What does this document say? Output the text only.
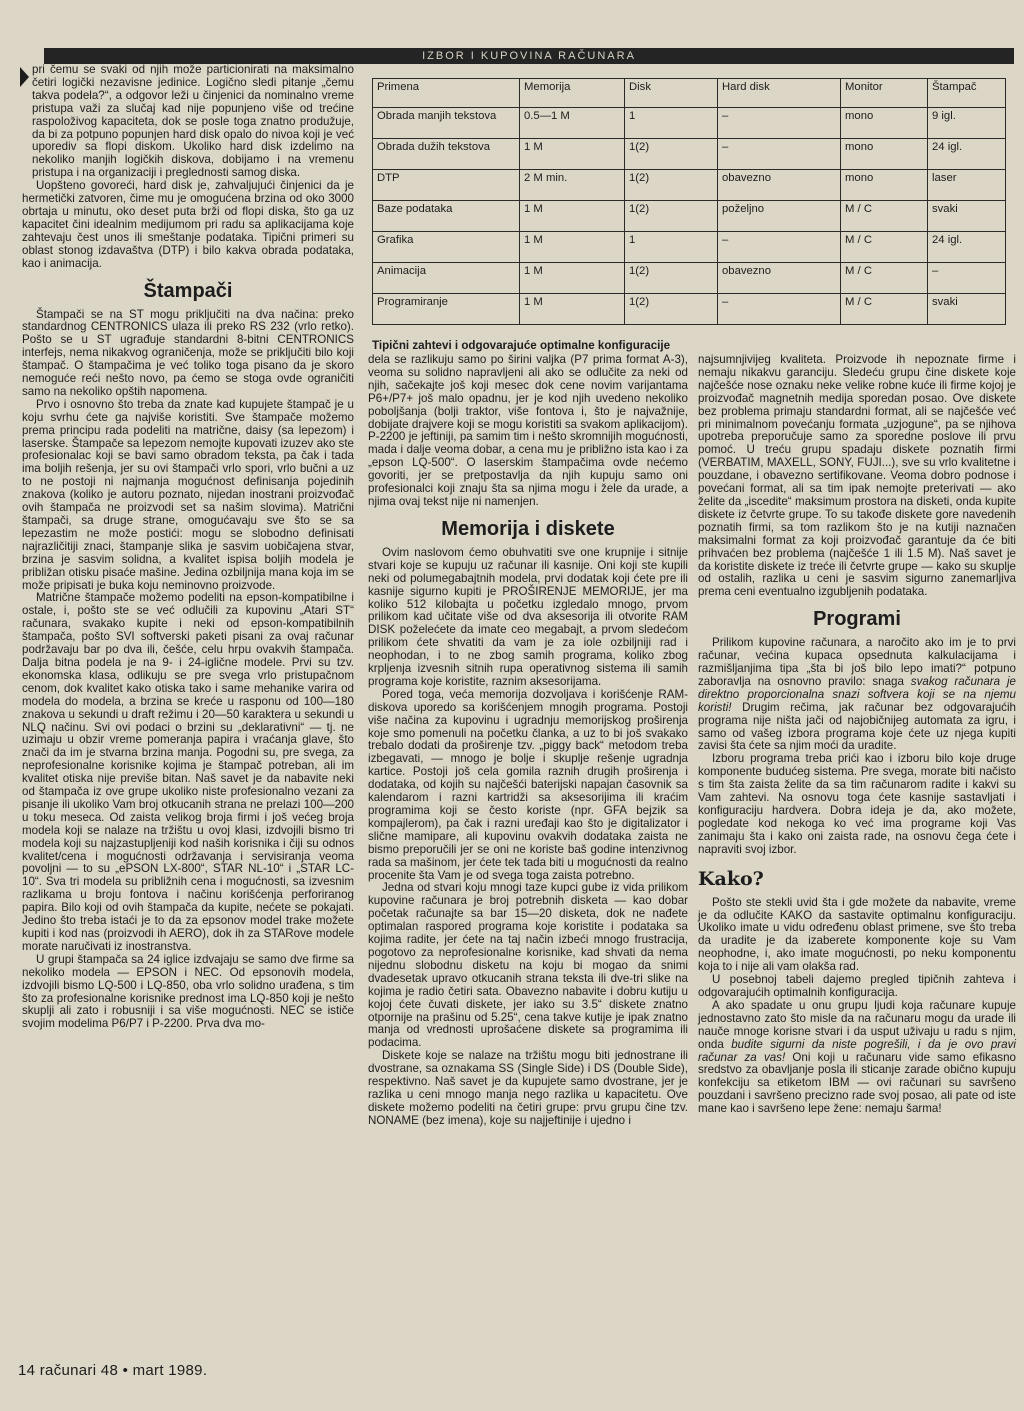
IZBOR I KUPOVINA RAČUNARA

pri čemu se svaki od njih može particionirati na maksimalno četiri logički nezavisne jedinice. Logično sledi pitanje „čemu takva podela?“, a odgovor leži u činjenici da nominalno vreme pristupa važi za slučaj kad nije popunjeno više od trećine raspoloživog kapaciteta, dok se posle toga znatno produžuje, da bi za potpuno popunjen hard disk opalo do nivoa koji je već uporediv sa flopi diskom. Ukoliko hard disk izdelimo na nekoliko manjih logičkih diskova, dobijamo i na vremenu pristupa i na organizaciji i preglednosti samog diska.

Uopšteno govoreći, hard disk je, zahvaljujući činjenici da je hermetički zatvoren, čime mu je omogućena brzina od oko 3000 obrtaja u minutu, oko deset puta brži od flopi diska, što ga uz kapacitet čini idealnim medijumom pri radu sa aplikacijama koje zahtevaju čest unos ili smeštanje podataka. Tipični primeri su oblast stonog izdavaštva (DTP) i bilo kakva obrada podataka, kao i animacija.

Štampači

Štampači se na ST mogu priključiti na dva načina: preko standardnog CENTRONICS ulaza ili preko RS 232 (vrlo retko). Pošto se u ST ugrađuje standardni 8-bitni CENTRONICS interfejs, nema nikakvog ograničenja, može se priključiti bilo koji štampač. O štampačima je već toliko toga pisano da je skoro nemoguće reći nešto novo, pa ćemo se stoga ovde ograničiti samo na nekoliko opštih napomena.

Prvo i osnovno što treba da znate kad kupujete štampač je u koju svrhu ćete ga najviše koristiti. Sve štampače možemo prema principu rada podeliti na matrične, daisy (sa lepezom) i laserske. Štampače sa lepezom nemojte kupovati izuzev ako ste profesionalac koji se bavi samo obradom teksta, pa čak i tada ima boljih rešenja, jer su ovi štampači vrlo spori, vrlo bučni a uz to ne postoji ni najmanja mogućnost definisanja pojedinih znakova (koliko je autoru poznato, nijedan inostrani proizvođač ovih štampača ne proizvodi set sa našim slovima). Matrični štampači, sa druge strane, omogućavaju sve što se sa lepezastim ne može postići: mogu se slobodno definisati najrazličitiji znaci, štampanje slika je sasvim uobičajena stvar, brzina je sasvim solidna, a kvalitet ispisa boljih modela je približan otisku pisaće mašine. Jedina ozbiljnija mana koja im se može pripisati je buka koju neminovno proizvode.

Matrične štampače možemo podeliti na epson-kompatibilne i ostale, i, pošto ste se već odlučili za kupovinu „Atari ST“ računara, svakako kupite i neki od epson-kompatibilnih štampača, pošto SVI softverski paketi pisani za ovaj računar podržavaju bar po dva ili, češće, celu hrpu ovakvih štampača. Dalja bitna podela je na 9- i 24-igličnе modele. Prvi su tzv. ekonomska klasa, odlikuju se pre svega vrlo pristupačnom cenom, dok kvalitet kako otiska tako i same mehanike varira od modela do modela, a brzina se kreće u rasponu od 100—180 znakova u sekundi u draft režimu i 20—50 karaktera u sekundi u NLQ načinu. Svi ovi podaci o brzini su „deklarativni“ — tj. ne uzimaju u obzir vreme pomeranja papira i vraćanja glave, što znači da im je stvarna brzina manja. Pogodni su, pre svega, za neprofesionalne korisnike kojima je štampač potreban, ali im kvalitet otiska nije previše bitan. Naš savet je da nabavite neki od štampača iz ove grupe ukoliko niste profesionalno vezani za pisanje ili ukoliko Vam broj otkucanih strana ne prelazi 100—200 u toku meseca. Od zaista velikog broja firmi i još većeg broja modela koji se nalaze na tržištu u ovoj klasi, izdvojili bismo tri modela koji su najzastupljeniji kod naših korisnika i čiji su odnos kvalitet/cena i mogućnosti održavanja i servisiranja veoma povoljni — to su „ePSON LX-800“, STAR NL-10“ i „STAR LC-10“. Sva tri modela su približnih cena i mogućnosti, sa izvesnim razlikama u broju fontova i načinu korišćenja perforiranog papira. Bilo koji od ovih štampača da kupite, nećete se pokajati. Jedino što treba istaći je to da za epsonov model trake možete kupiti i kod nas (proizvodi ih AERO), dok ih za STARove modele morate naručivati iz inostranstva.

U grupi štampača sa 24 iglice izdvajaju se samo dve firme sa nekoliko modela — EPSON i NEC. Od epsonovih modela, izdvojili bismo LQ-500 i LQ-850, oba vrlo solidno urađena, s tim što za profesionalne korisnike prednost ima LQ-850 koji je nešto skuplji ali zato i robusniji i sa više mogućnosti. NEC se ističe svojim modelima P6/P7 i P-2200. Prva dva mo-

Primena	Memorija	Disk	Hard disk	Monitor	Štampač
Obrada manjih tekstova	0.5—1 M	1	–	mono	9 igl.
Obrada dužih tekstova	1 M	1(2)	–	mono	24 igl.
DTP	2 M min.	1(2)	obavezno	mono	laser
Baze podataka	1 M	1(2)	poželjno	M / C	svaki
Grafika	1 M	1	–	M / C	24 igl.
Animacija	1 M	1(2)	obavezno	M / C	–
Programiranje	1 M	1(2)	–	M / C	svaki
Tipični zahtevi i odgovarajuće optimalne konfiguracije

dela se razlikuju samo po širini valjka (P7 prima format A-3), veoma su solidno napravljeni ali ako se odlučite za neki od njih, sačekajte još koji mesec dok cene novim varijantama P6+/P7+ još malo opadnu, jer je kod njih uvedeno nekoliko poboljšanja (bolji traktor, više fontova i, što je najvažnije, dobijate drajvere koji se mogu koristiti sa svakom aplikacijom). P-2200 je jeftiniji, pa samim tim i nešto skromnijih mogućnosti, mada i dalje veoma dobar, a cena mu je približno ista kao i za „epson LQ-500“. O laserskim štampačima ovde nećemo govoriti, jer se pretpostavlja da njih kupuju samo oni profesionalci koji znaju šta sa njima mogu i žele da urade, a njima ovaj tekst nije ni namenjen.

Memorija i diskete

Ovim naslovom ćemo obuhvatiti sve one krupnije i sitnije stvari koje se kupuju uz računar ili kasnije. Oni koji ste kupili neki od polumegabajtnih modela, prvi dodatak koji ćete pre ili kasnije sigurno kupiti je PROŠIRENJE MEMORIJE, jer ma koliko 512 kilobajta u početku izgledalo mnogo, prvom prilikom kad učitate više od dva aksesorija ili otvorite RAM DISK poželećete da imate ceo megabajt, a prvom sledećom prilikom ćete shvatiti da vam je za iole ozbiljniji rad i neophodan, i to ne zbog samih programa, koliko zbog krpljenja izvesnih sitnih rupa operativnog sistema ili samih programa koje koristite, raznim aksesorijama.

Pored toga, veća memorija dozvoljava i korišćenje RAM-diskova uporedo sa korišćenjem mnogih programa. Postoji više načina za kupovinu i ugradnju memorijskog proširenja koje smo pomenuli na početku članka, a uz to bi još svakako trebalo dodati da proširenje tzv. „piggy back“ metodom treba izbegavati, — mnogo je bolje i skuplje rešenje ugradnja kartice. Postoji još cela gomila raznih drugih proširenja i dodataka, od kojih su najčešći baterijski napajan časovnik sa kalendarom i razni kartridži sa aksesorijima ili kraćim programima koji se često koriste (npr. GFA bejzik sa kompajlerom), pa čak i razni uređaji kao što je digitalizator i slične mamipare, ali kupovinu ovakvih dodataka zaista ne bismo preporučili jer se oni ne koriste baš godine intenzivnog rada sa mašinom, jer ćete tek tada biti u mogućnosti da realno procenite šta Vam je od svega toga zaista potrebno.

Jedna od stvari koju mnogi taze kupci gube iz vida prilikom kupovine računara je broj potrebnih disketa — kao dobar početak računajte sa bar 15—20 disketa, dok ne nađete optimalan raspored programa koje koristite i podataka sa kojima radite, jer ćete na taj način izbeći mnogo frustracija, pogotovo za neprofesionalne korisnike, kad shvati da nema nijednu slobodnu disketu na koju bi mogao da snimi dvadesetak upravo otkucanih strana teksta ili dve-tri slike na kojima je radio četiri sata. Obavezno nabavite i dobru kutiju u kojoj ćete čuvati diskete, jer iako su 3.5“ diskete znatno otpornije na prašinu od 5.25“, cena takve kutije je ipak znatno manja od vrednosti uprošaćene diskete sa programima ili podacima.

Diskete koje se nalaze na tržištu mogu biti jednostrane ili dvostrane, sa oznakama SS (Single Side) i DS (Double Side), respektivno. Naš savet je da kupujete samo dvostrane, jer je razlika u ceni mnogo manja nego razlika u kapacitetu. Ove diskete možemo podeliti na četiri grupe: prvu grupu čine tzv. NONAME (bez imena), koje su najjeftinije i ujedno i

najsumnjivijeg kvaliteta. Proizvode ih nepoznate firme i nemaju nikakvu garanciju. Sledeću grupu čine diskete koje najčešće nose oznaku neke velike robne kuće ili firme kojoj je proizvođač magnetnih medija sporedan posao. Ove diskete bez problema primaju standardni format, ali se najčešće već pri minimalnom povećanju formata „uzjogune“, pa se njihova upotreba preporučuje samo za sporedne poslove ili prvu pomoć. U treću grupu spadaju diskete poznatih firmi (VERBATIM, MAXELL, SONY, FUJI...), sve su vrlo kvalitetne i pouzdane, i obavezno sertifikovane. Veoma dobro podnose i povećani format, ali sa tim ipak nemojte preterivati — ako želite da „iscedite“ maksimum prostora na disketi, onda kupite diskete iz četvrte grupe. To su takođe diskete gore navedenih poznatih firmi, sa tom razlikom što je na kutiji naznačen maksimalni format za koji proizvođač garantuje da će biti prihvaćen bez problema (najčešće 1 ili 1.5 M). Naš savet je da koristite diskete iz treće ili četvrte grupe — kako su skuplje od ostalih, razlika u ceni je sasvim sigurno zanemarljiva prema ceni eventualno izgubljenih podataka.

Programi

Prilikom kupovine računara, a naročito ako im je to prvi računar, većina kupaca opsednuta kalkulacijama i razmišljanjima tipa „šta bi još bilo lepo imati?“ potpuno zaboravlja na osnovno pravilo: snaga svakog računara je direktno proporcionalna snazi softvera koji se na njemu koristi! Drugim rečima, jak računar bez odgovarajućih programa nije ništa jači od najobičnijeg automata za igru, i samo od vašeg izbora programa koje ćete uz njega kupiti zavisi šta ćete sa njim moći da uradite.

Izboru programa treba prići kao i izboru bilo koje druge komponente budućeg sistema. Pre svega, morate biti načisto s tim šta zaista želite da sa tim računarom radite i kakvi su Vam zahtevi. Na osnovu toga ćete kasnije sastavljati i konfiguraciju hardvera. Dobra ideja je da, ako možete, pogledate kod nekoga ko već ima programe koji Vas zanimaju šta i kako oni zaista rade, na osnovu čega ćete i napraviti svoj izbor.

Kako?

Pošto ste stekli uvid šta i gde možete da nabavite, vreme je da odlučite KAKO da sastavite optimalnu konfiguraciju. Ukoliko imate u vidu određenu oblast primene, sve što treba da uradite je da izaberete komponente koje su Vam neophodne, i, ako imate mogućnosti, po neku komponentu koja to i nije ali vam olakša rad.

U posebnoj tabeli dajemo pregled tipičnih zahteva i odgovarajućih optimalnih konfiguracija.

A ako spadate u onu grupu ljudi koja računare kupuje jednostavno zato što misle da na računaru mogu da urade ili nauče mnoge korisne stvari i da usput uživaju u radu s njim, onda budite sigurni da niste pogrešili, i da je ovo pravi računar za vas! Oni koji u računaru vide samo efikasno sredstvo za obavljanje posla ili sticanje zarade obično kupuju konfekciju sa etiketom IBM — ovi računari su savršeno pouzdani i savršeno precizno rade svoj posao, ali pate od iste mane kao i savršeno lepe žene: nemaju šarma!

14 računari 48 • mart 1989.
